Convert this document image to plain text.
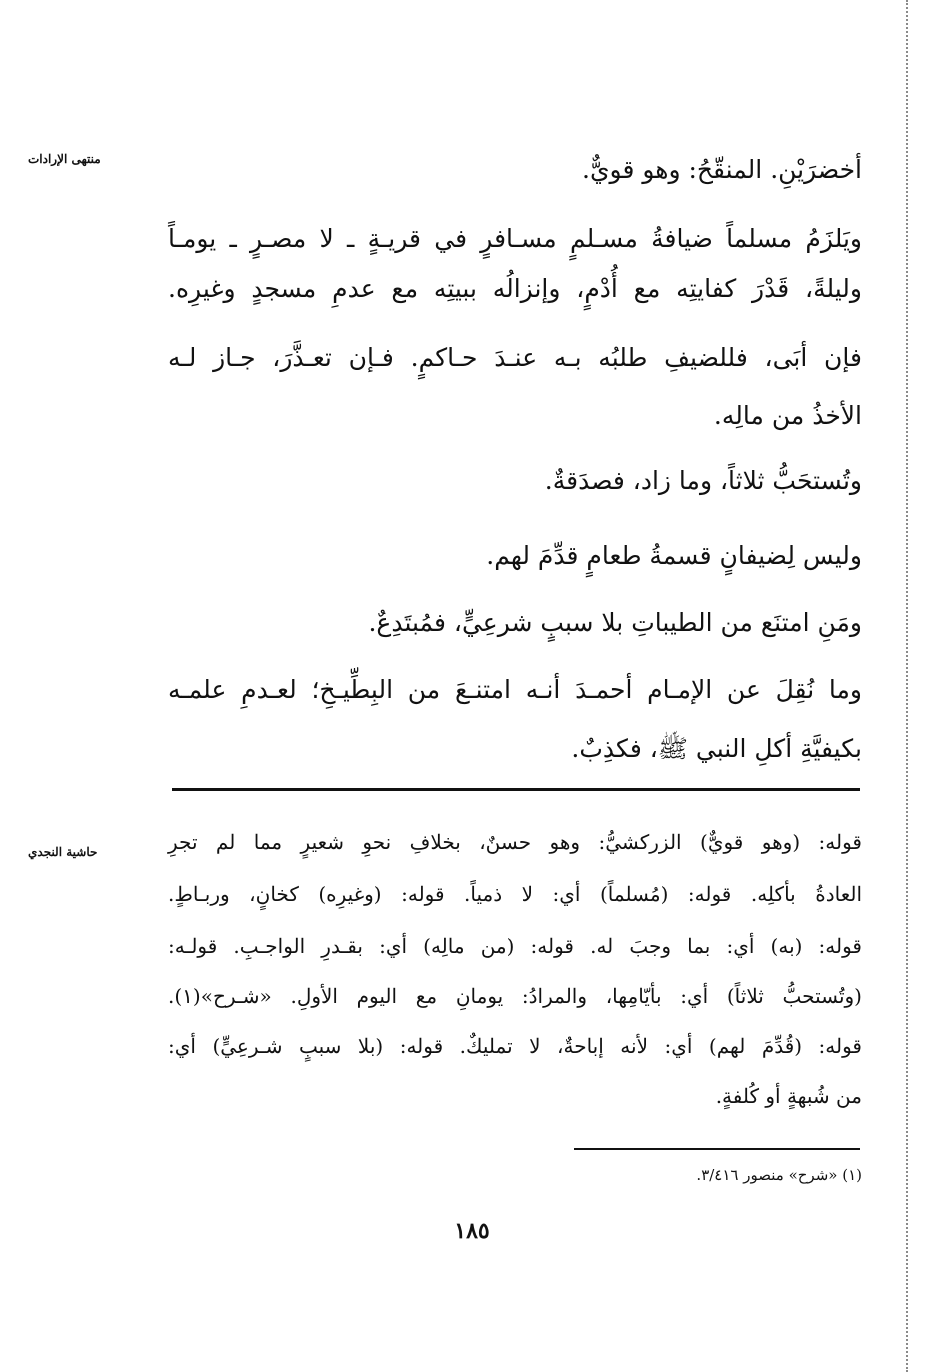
منتهى الإرادات
حاشية النجدي
أخضرَيْنِ. المنقّحُ: وهو قويٌّ.
ويَلزَمُ مسلماً ضيافةُ مسـلمٍ مسـافرٍ في قريـةٍ ـ لا مصـرٍ ـ يومـاً
وليلةً، قَدْرَ كفايتِه مع أُدْمٍ، وإنزالُه ببيتِه مع عدمِ مسجدٍ وغيرِه.
فإن أبَى، فللضيفِ طلبُه بـه عنـدَ حـاكمٍ. فـإن تعـذَّرَ، جـاز لـه
الأخذُ من مالِه.
وتُستحَبُّ ثلاثاً، وما زاد، فصدَقةٌ.
وليس لِضيفانٍ قسمةُ طعامٍ قدِّمَ لهم.
ومَنِ امتنَع من الطيباتِ بلا سببٍ شرعِيٍّ، فمُبتَدِعٌ.
وما نُقِلَ عن الإمـام أحمـدَ أنـه امتنـعَ من البِطِّيـخِ؛ لعـدمِ علمـه
بكيفيَّةِ أكلِ النبي ﷺ، فكذِبٌ.
قوله: (وهو قويٌّ) الزركشيُّ: وهو حسنٌ، بخلافِ نحوِ شعيرٍ مما لم تجرِ
العادةُ بأكلِه. قوله: (مُسلماً) أي: لا ذمياً. قوله: (وغيرِه) كخانٍ، وربـاطٍ.
قوله: (به) أي: بما وجبَ له. قوله: (من مالِه) أي: بقـدرِ الواجـبِ. قولـه:
(وتُستحبُّ ثلاثاً) أي: بأيّامِها، والمرادُ: يومانِ مع اليوم الأولِ. «شـرح»(١).
قوله: (قُدِّمَ لهم) أي: لأنه إباحةٌ، لا تمليكٌ. قوله: (بلا سببٍ شـرعِيٍّ) أي:
من شُبهةٍ أو كُلفةٍ.
(١) «شرح» منصور ٣/٤١٦.
١٨٥
